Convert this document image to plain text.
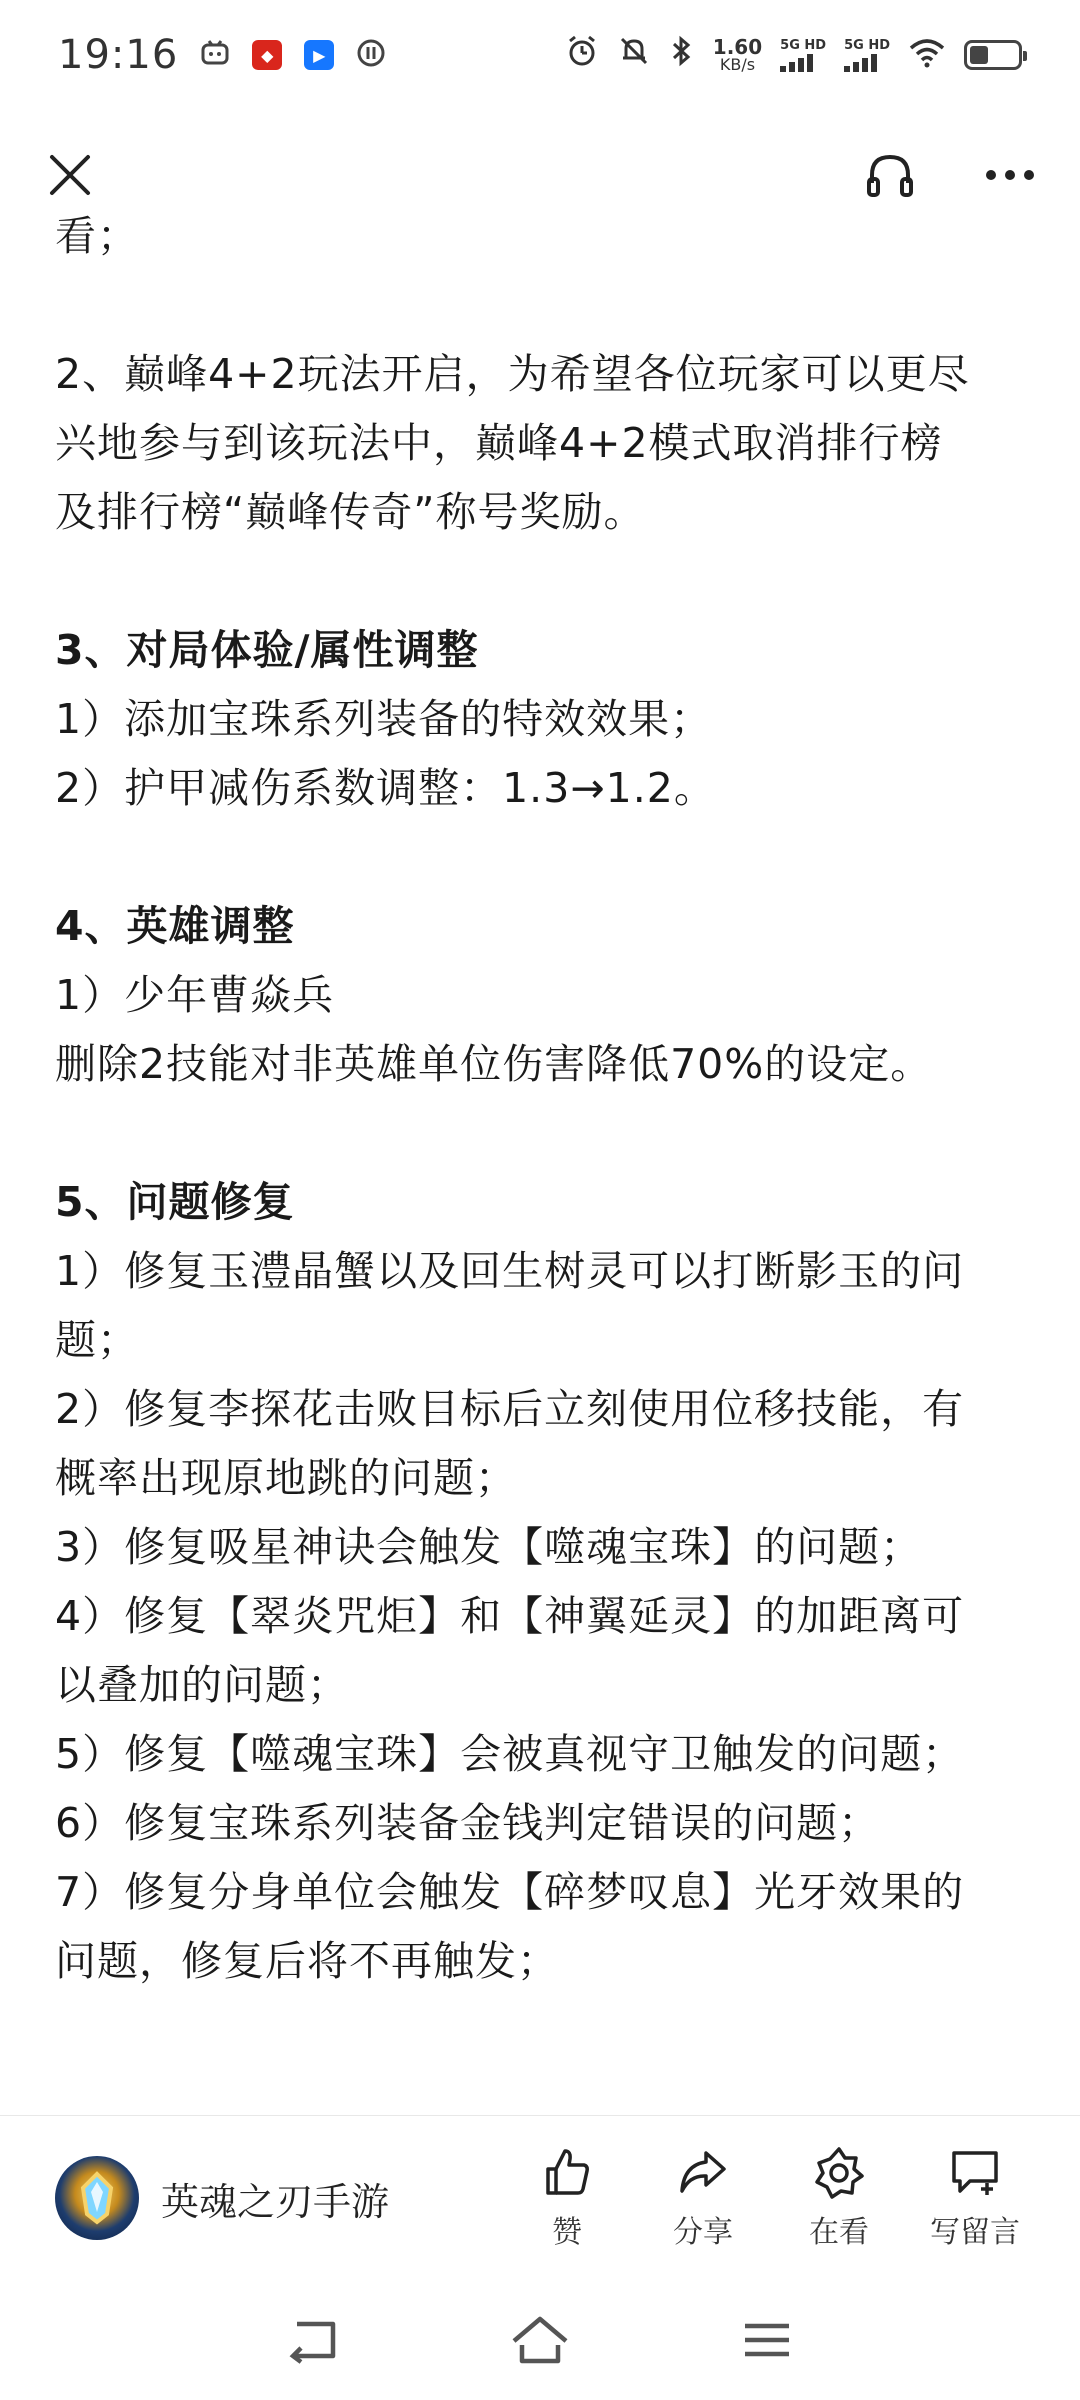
19:16	◆	▶	1.60
KB/s
5G HD 5G HD

看；

2、巅峰4+2玩法开启，为希望各位玩家可以更尽

兴地参与到该玩法中，巅峰4+2模式取消排行榜

及排行榜“巅峰传奇”称号奖励。

3、对局体验/属性调整

1）添加宝珠系列装备的特效效果；

2）护甲减伤系数调整：1.3→1.2。

4、英雄调整

1）少年曹焱兵

删除2技能对非英雄单位伤害降低70%的设定。

5、问题修复

1）修复玉澧晶蟹以及回生树灵可以打断影玉的问

题；

2）修复李探花击败目标后立刻使用位移技能，有

概率出现原地跳的问题；

3）修复吸星神诀会触发【噬魂宝珠】的问题；

4）修复【翠炎咒炬】和【神翼延灵】的加距离可

以叠加的问题；

5）修复【噬魂宝珠】会被真视守卫触发的问题；

6）修复宝珠系列装备金钱判定错误的问题；

7）修复分身单位会触发【碎梦叹息】光牙效果的

问题，修复后将不再触发；

英魂之刃手游
赞	分享	在看 写留言
